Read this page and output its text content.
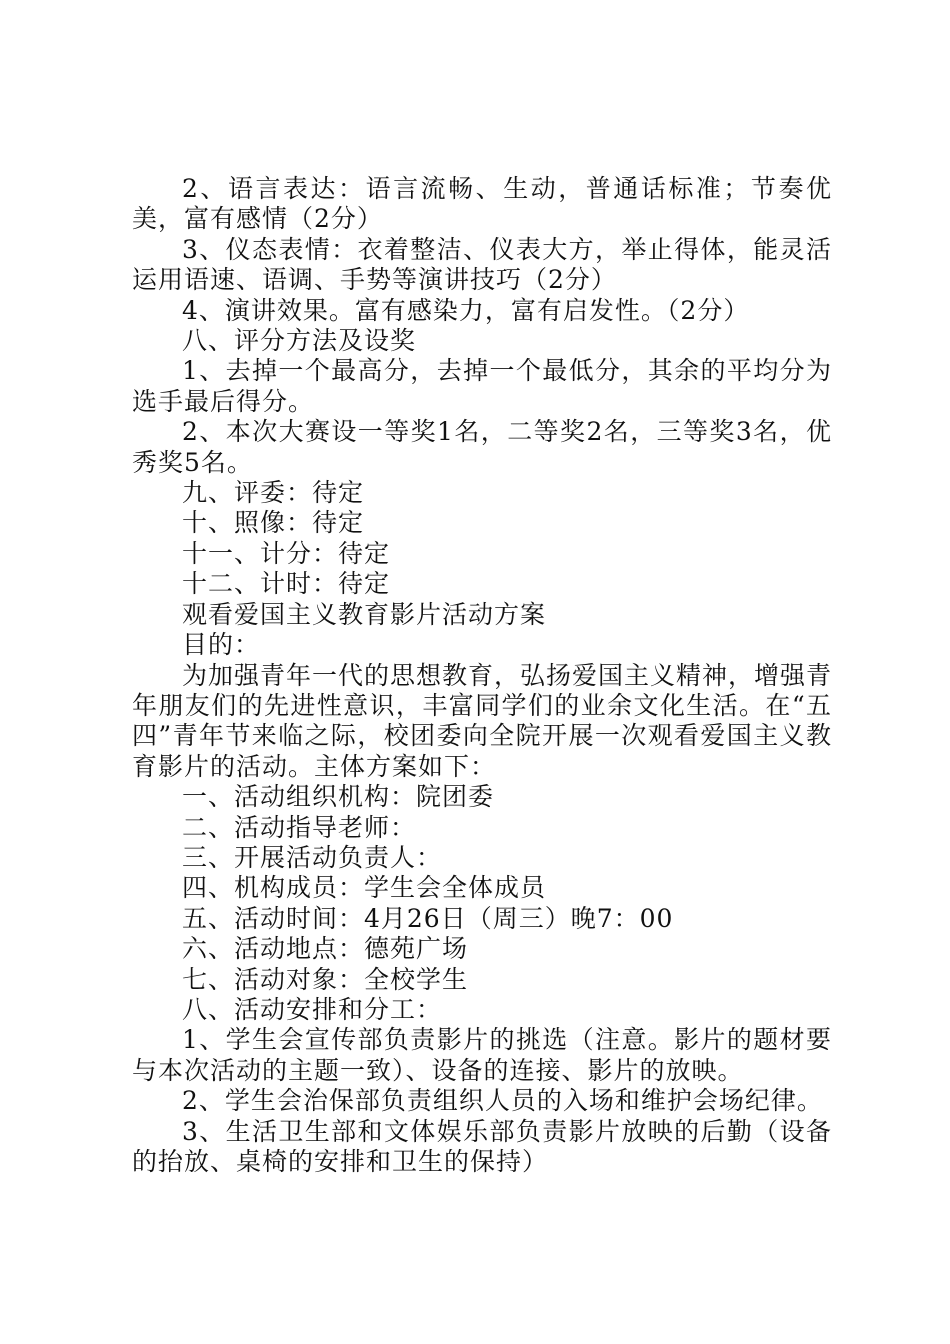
2、语言表达：语言流畅、生动，普通话标准；节奏优美，富有感情（2分）

3、仪态表情：衣着整洁、仪表大方，举止得体，能灵活运用语速、语调、手势等演讲技巧（2分）

4、演讲效果。富有感染力，富有启发性。（2分）

八、评分方法及设奖

1、去掉一个最高分，去掉一个最低分，其余的平均分为选手最后得分。

2、本次大赛设一等奖1名，二等奖2名，三等奖3名，优秀奖5名。

九、评委：待定

十、照像：待定

十一、计分：待定

十二、计时：待定

观看爱国主义教育影片活动方案

目的：

为加强青年一代的思想教育，弘扬爱国主义精神，增强青年朋友们的先进性意识，丰富同学们的业余文化生活。在“五四”青年节来临之际，校团委向全院开展一次观看爱国主义教育影片的活动。主体方案如下：

一、活动组织机构：院团委

二、活动指导老师：

三、开展活动负责人：

四、机构成员：学生会全体成员

五、活动时间：4月26日（周三）晚7：00

六、活动地点：德苑广场

七、活动对象：全校学生

八、活动安排和分工：

1、学生会宣传部负责影片的挑选（注意。影片的题材要与本次活动的主题一致）、设备的连接、影片的放映。

2、学生会治保部负责组织人员的入场和维护会场纪律。

3、生活卫生部和文体娱乐部负责影片放映的后勤（设备的抬放、桌椅的安排和卫生的保持）
